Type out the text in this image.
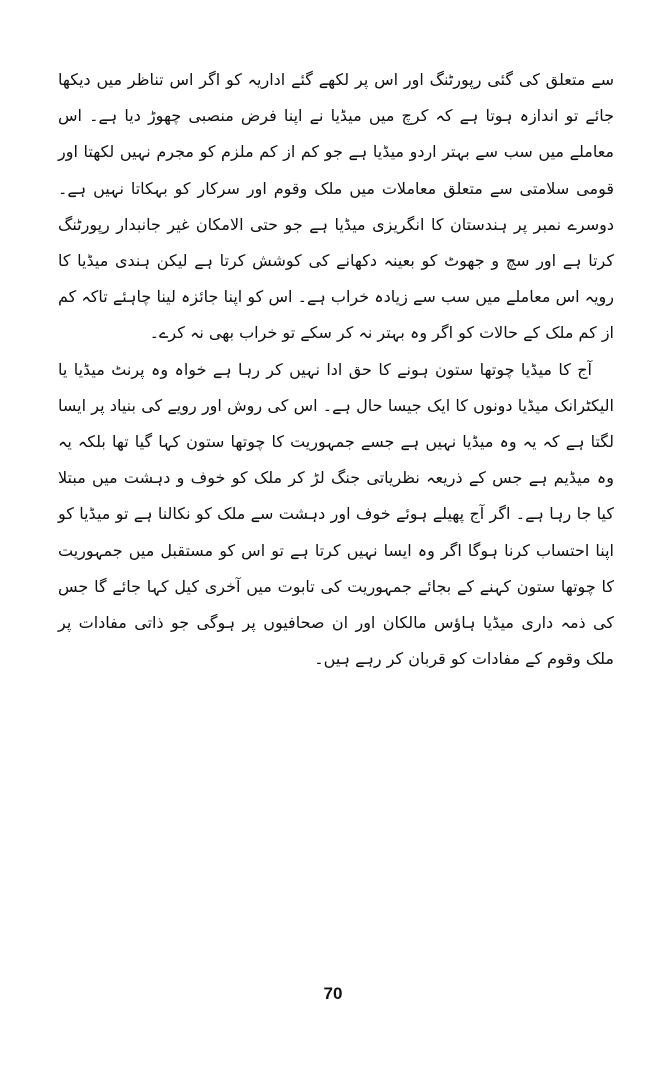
سے متعلق کی گئی رپورٹنگ اور اس پر لکھے گئے اداریہ کو اگر اس تناظر میں دیکھا جائے تو اندازہ ہوتا ہے کہ کرچ میں میڈیا نے اپنا فرض منصبی چھوڑ دیا ہے۔ اس معاملے میں سب سے بہتر اردو میڈیا ہے جو کم از کم ملزم کو مجرم نہیں لکھتا اور قومی سلامتی سے متعلق معاملات میں ملک وقوم اور سرکار کو بہکاتا نہیں ہے۔ دوسرے نمبر پر ہندستان کا انگریزی میڈیا ہے جو حتی الامکان غیر جانبدار رپورٹنگ کرتا ہے اور سچ و جھوٹ کو بعینہ دکھانے کی کوشش کرتا ہے لیکن ہندی میڈیا کا رویہ اس معاملے میں سب سے زیادہ خراب ہے۔ اس کو اپنا جائزہ لینا چاہئے تاکہ کم از کم ملک کے حالات کو اگر وہ بہتر نہ کر سکے تو خراب بھی نہ کرے۔

آج کا میڈیا چوتھا ستون ہونے کا حق ادا نہیں کر رہا ہے خواہ وہ پرنٹ میڈیا یا الیکٹرانک میڈیا دونوں کا ایک جیسا حال ہے۔ اس کی روش اور رویے کی بنیاد پر ایسا لگتا ہے کہ یہ وہ میڈیا نہیں ہے جسے جمہوریت کا چوتھا ستون کہا گیا تھا بلکہ یہ وہ میڈیم ہے جس کے ذریعہ نظریاتی جنگ لڑ کر ملک کو خوف و دہشت میں مبتلا کیا جا رہا ہے۔ اگر آج پھیلے ہوئے خوف اور دہشت سے ملک کو نکالنا ہے تو میڈیا کو اپنا احتساب کرنا ہوگا اگر وہ ایسا نہیں کرتا ہے تو اس کو مستقبل میں جمہوریت کا چوتھا ستون کہنے کے بجائے جمہوریت کی تابوت میں آخری کیل کہا جائے گا جس کی ذمہ داری میڈیا ہاؤس مالکان اور ان صحافیوں پر ہوگی جو ذاتی مفادات پر ملک وقوم کے مفادات کو قربان کر رہے ہیں۔

70
